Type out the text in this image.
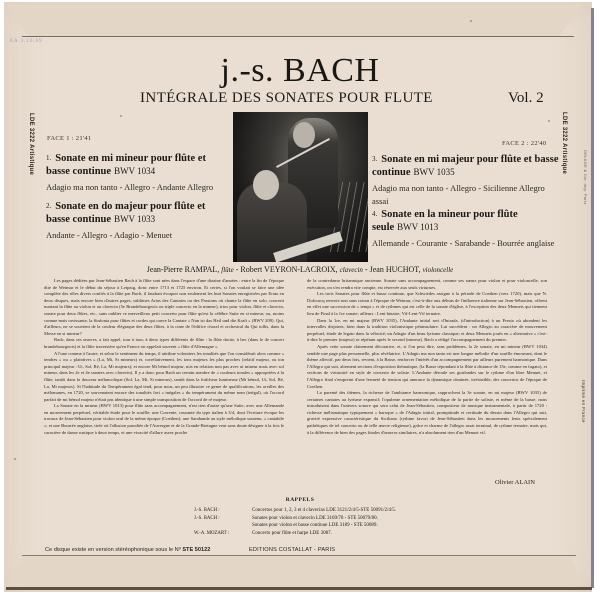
EA 3.16.69
j.-s. BACH
INTÉGRALE DES SONATES POUR FLUTE	Vol. 2
LDE 3222 Artistique	LDE 3222 Artistique
DELAGE & Cie, Imp. Paris
Imprimé en France
FACE 1 : 21'41
FACE 2 : 22'40
1. Sonate en mi mineur pour flûte et basse continue BWV 1034
Adagio ma non tanto - Allegro - Andante Allegro
2. Sonate en do majeur pour flûte et basse continue BWV 1033
Andante - Allegro - Adagio - Menuet
3. Sonate en mi majeur pour flûte et basse continue BWV 1035
Adagio ma non tanto - Allegro - Sicilienne Allegro assai
4. Sonate en la mineur pour flûte seule BWV 1013
Allemande - Courante - Sarabande - Bourrée anglaise
Jean-Pierre RAMPAL, flûte - Robert VEYRON-LACROIX, clavecin - Jean HUCHOT, violoncelle

Les pages dédiées par Jean-Sébastien Bach à la flûte sont nées dans l'espace d'une dizaine d'années : entre la fin de l'époque dite de Weimar et le début du séjour à Leipzig, donc entre 1713 et 1725 environ. Et certes, si l'on voulait se faire une idée complète des rôles divers confiés à la flûte par Bach, il faudrait évoquer non seulement les huit Sonates enregistrées par Erato en deux disques, mais encore bien d'autres pages, sublimes Arias des Cantates ou des Passions où chante la flûte en solo, concerti mariant la flûte au violon et au clavecin (5e Brandebourgeois ou triple concerto en la mineur), trios pour violon, flûte et clavecin, sonate pour deux flûtes, etc., sans oublier ce merveilleux petit concerto pour flûte qu'est la célèbre Suite en si mineur, ou, moins connue mais ravissante, la Sinfonia pour flûtes et cordes qui ouvre la Cantate « Nun ist das Heil und die Kraft » (BWV 209). Qui, d'ailleurs, ne se souvient de la couleur élégiaque des deux flûtes, à la cime de l'édifice choral et orchestral du Qui tollis, dans la Messe en si mineur?

Bach, dans ses œuvres, a fait appel, tour à tour, à deux types différents de flûte : la flûte droite, à bec (dans le 4e concert brandebourgeois) et la flûte traversière qu'en France on appelait souvent « flûte d'Allemagne ».

A l'une comme à l'autre, et selon le sentiment du temps, il attribue volontiers les tonalités que l'on considérait alors comme « tendres » ou « plaintives » (La, Mi, Si mineurs) et, corrélativement, les tons majeurs les plus proches (relatif majeur, ou ton principal majeur : Ut, Sol, Ré, La, Mi majeurs); et encore Mi bémol majeur, mis en relation non pas avec ut mineur mais avec sol mineur, dans les 2e et 4e sonates avec clavecin). Il y a donc pour Bach un certain nombre de « couleurs tonales » appropriées à la flûte, tantôt dans la douceur mélancolique (Sol, La, Mi, Si mineurs), tantôt dans la fraîcheur lumineuse (Mi bémol, Ut, Sol, Ré, La, Mi majeurs). Si l'habitude du Tempérament égal tend, pour nous, un peu illusoire ce genre de qualifications, les oreilles des mélomanes, en 1720, se souvenaient encore des tonalités fort « inégales » du tempérament du même nom (inégal), où l'accord parfait de mi bémol majeur n'était pas identique à une simple transposition de l'accord de ré majeur.

La Sonate en la mineur (BWV 1013) pour flûte sans accompagnement, n'est rien d'autre qu'une Suite, avec une Allemande en mouvement perpétuel, véritable étude pour le souffle; une Corrente, courante du type italien à 3/4, dont l'écriture évoque les travaux de Jean-Sébastien pour violon seul de la même époque (Coethen); une Sarabande au style mélodique soutenu, « cantabile »; et une Bourrée anglaise, tirée où l'allusion parodiée de l'Auvergne et de la Grande-Bretagne veut sans doute désigner à la fois le caractère de danse rustique à deux temps, et une vivacité d'allure assez proche

de la contredanse britannique ancienne. Sonate sans accompagnement, comme ses sœurs pour violon et pour violoncelle, son exécution, on s'en rendra vite compte, est réservée aux seuls virtuoses.

Les trois Sonates pour flûte et basse continue, que Schwiedes assigne à la période de Coethen (vers 1720), mais que N. Dufourcq renvoie non sans raison à l'époque de Weimar, c'est-à-dire aux débuts de l'influence italienne sur Jean-Sébastien, offrent en effet une succession de « tempi » et de rythmes qui est celle de la sonate d'église, à l'exception des deux Menuets qui tiennent lieu de Final à la 1re sonate; ailleurs : Lent binaire, Vif-Lent-Vif ternaire.

Dans la 1re, en mi majeur (BWV 1035), l'Andante initial sert d'Intrada, (d'introduction) à un Presto où abondent les intervalles disjoints, bien dans la tradition violonistique péninsulaire. Lui succèdent : un Allegro au caractère de mouvement perpétuel, étude de legato dans la vélocité; un Adagio d'un beau lyrisme classique; et deux Menuets joués en « alternative » c'est-à-dire le premier (majeur) se répétant après le second (mineur). Bach a rédigé l'accompagnement du premier.

Après cette sonate clairement décorative, et, si l'on peut dire, sans problèmes, la 2e sonate, en mi mineur (BWV 1034) semble une page plus personnelle, plus révélatrice. L'Adagio ma non tanto est une longue mélodie d'un souffle émouvant, dont le thème affectif, par deux fois, revient, à la Basse, renforcer l'intérêt d'un accompagnement par ailleurs purement harmonique. Dans l'Allegro qui suit, alternent sections d'exposition thématique, (la Basse répondant à la flûte à distance de 15e, comme en fugato), et sections de virtuosité en style de concerto de soliste. L'Andante déroule ses guirlandes sur le rythme d'un libre Menuet, et l'Allegro final s'empreint d'une fermeté de tension qui annonce la dynamique obstinée, irrésistible, des concertos de l'époque de Coethen.

La parenté des thèmes, la richesse de l'ambiance harmonique, rapprochent la 3e sonate, en mi majeur (BWV 1035) de certaines cantates au lyrisme expansif; l'opulente ornementation mélodique de la partie de soliste, et même de la basse, nous introduisent dans l'univers sonore qui sera celui de Jean-Sébastien, compositeur de musique instrumentale, à partir de 1720 : richesse mélismatique typiquement « baroque » de l'Adagio initial, promptitude et certitude du dessin dans l'Allegro qui suit, gravité expressive caractéristique du Siciliano (rythme favori de Jean-Sébastien dans les mouvements lents spécialement pathétiques de tel concerto ou de telle œuvre religieuse), grâce et charme de l'allegro assai terminal, de rythme ternaire, mais qui, à la différence de bien des pages finales d'œuvres similaires, n'a absolument rien d'un Menuet vif.

Olivier ALAIN
RAPPELS
J.-S. BACH :	Concertos pour 1, 2, 3 et 4 clavecins LDE 3121/2/4/5-STE 50091/2/4/5.
J.-S. BACH :	Sonates pour violon et clavecin LDE 3169/70 - STE 50079/80.
Sonates pour violon et basse continue LDE 3189 - STE 50089.
W.-A. MOZART :	Concerto pour flûte et harpe LDE 3087.
Ce disque existe en version stéréophonique sous le Nº STE 50122	EDITIONS COSTALLAT - PARIS
